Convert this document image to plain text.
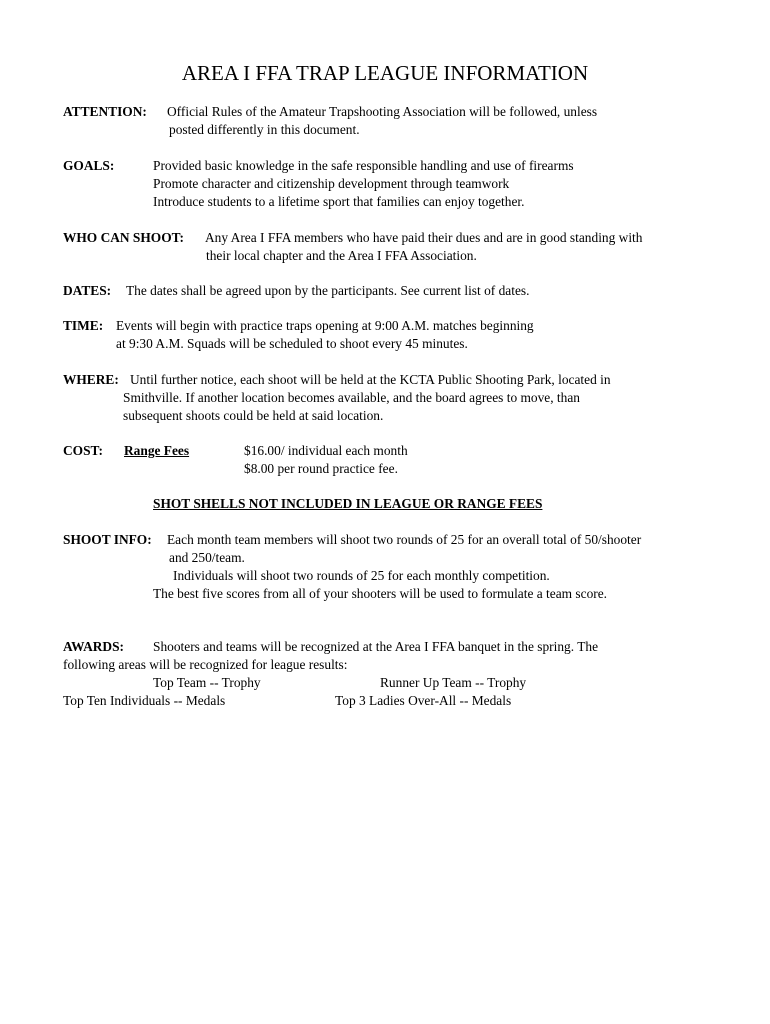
AREA I FFA TRAP LEAGUE INFORMATION
ATTENTION: Official Rules of the Amateur Trapshooting Association will be followed, unless
posted differently in this document.
GOALS:	Provided basic knowledge in the safe responsible handling and use of firearms
Promote character and citizenship development through teamwork
Introduce students to a lifetime sport that families can enjoy together.
WHO CAN SHOOT: Any Area I FFA members who have paid their dues and are in good standing with
their local chapter and the Area I FFA Association.
DATES: The dates shall be agreed upon by the participants. See current list of dates.
TIME: Events will begin with practice traps opening at 9:00 A.M. matches beginning
at 9:30 A.M. Squads will be scheduled to shoot every 45 minutes.
WHERE: Until further notice, each shoot will be held at the KCTA Public Shooting Park, located in
Smithville. If another location becomes available, and the board agrees to move, than
subsequent shoots could be held at said location.
COST: Range Fees	$16.00/ individual each month
$8.00 per round practice fee.
SHOT SHELLS NOT INCLUDED IN LEAGUE OR RANGE FEES
SHOOT INFO: Each month team members will shoot two rounds of 25 for an overall total of 50/shooter
and 250/team.
Individuals will shoot two rounds of 25 for each monthly competition.
The best five scores from all of your shooters will be used to formulate a team score.
AWARDS: Shooters and teams will be recognized at the Area I FFA banquet in the spring. The
following areas will be recognized for league results:
Top Team -- Trophy	Runner Up Team -- Trophy
Top Ten Individuals -- Medals	Top 3 Ladies Over-All -- Medals
